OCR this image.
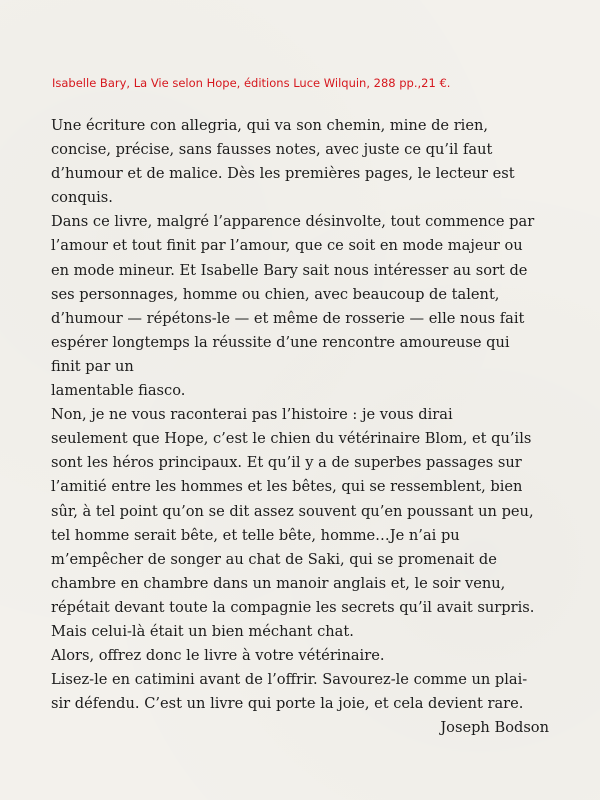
Isabelle Bary, La Vie selon Hope, éditions Luce Wilquin, 288 pp.,21 €.

Une écriture con allegria, qui va son chemin, mine de rien,

concise, précise, sans fausses notes, avec juste ce qu’il faut

d’humour et de malice. Dès les premières pages, le lecteur est

conquis.

Dans ce livre, malgré l’apparence désinvolte, tout commence par

l’amour et tout finit par l’amour, que ce soit en mode majeur ou

en mode mineur. Et Isabelle Bary sait nous intéresser au sort de

ses personnages, homme ou chien, avec beaucoup de talent,

d’humour — répétons-le — et même de rosserie — elle nous fait

espérer longtemps la réussite d’une rencontre amoureuse qui

finit par un

lamentable fiasco.

Non, je ne vous raconterai pas l’histoire : je vous dirai

seulement que Hope, c’est le chien du vétérinaire Blom, et qu’ils

sont les héros principaux. Et qu’il y a de superbes passages sur

l’amitié entre les hommes et les bêtes, qui se ressemblent, bien

sûr, à tel point qu’on se dit assez souvent qu’en poussant un peu,

tel homme serait bête, et telle bête, homme…Je n’ai pu

m’empêcher de songer au chat de Saki, qui se promenait de

chambre en chambre dans un manoir anglais et, le soir venu,

répétait devant toute la compagnie les secrets qu’il avait surpris.

Mais celui-là était un bien méchant chat.

Alors, offrez donc le livre à votre vétérinaire.

Lisez-le en catimini avant de l’offrir. Savourez-le comme un plai-

sir défendu. C’est un livre qui porte la joie, et cela devient rare.

Joseph Bodson
